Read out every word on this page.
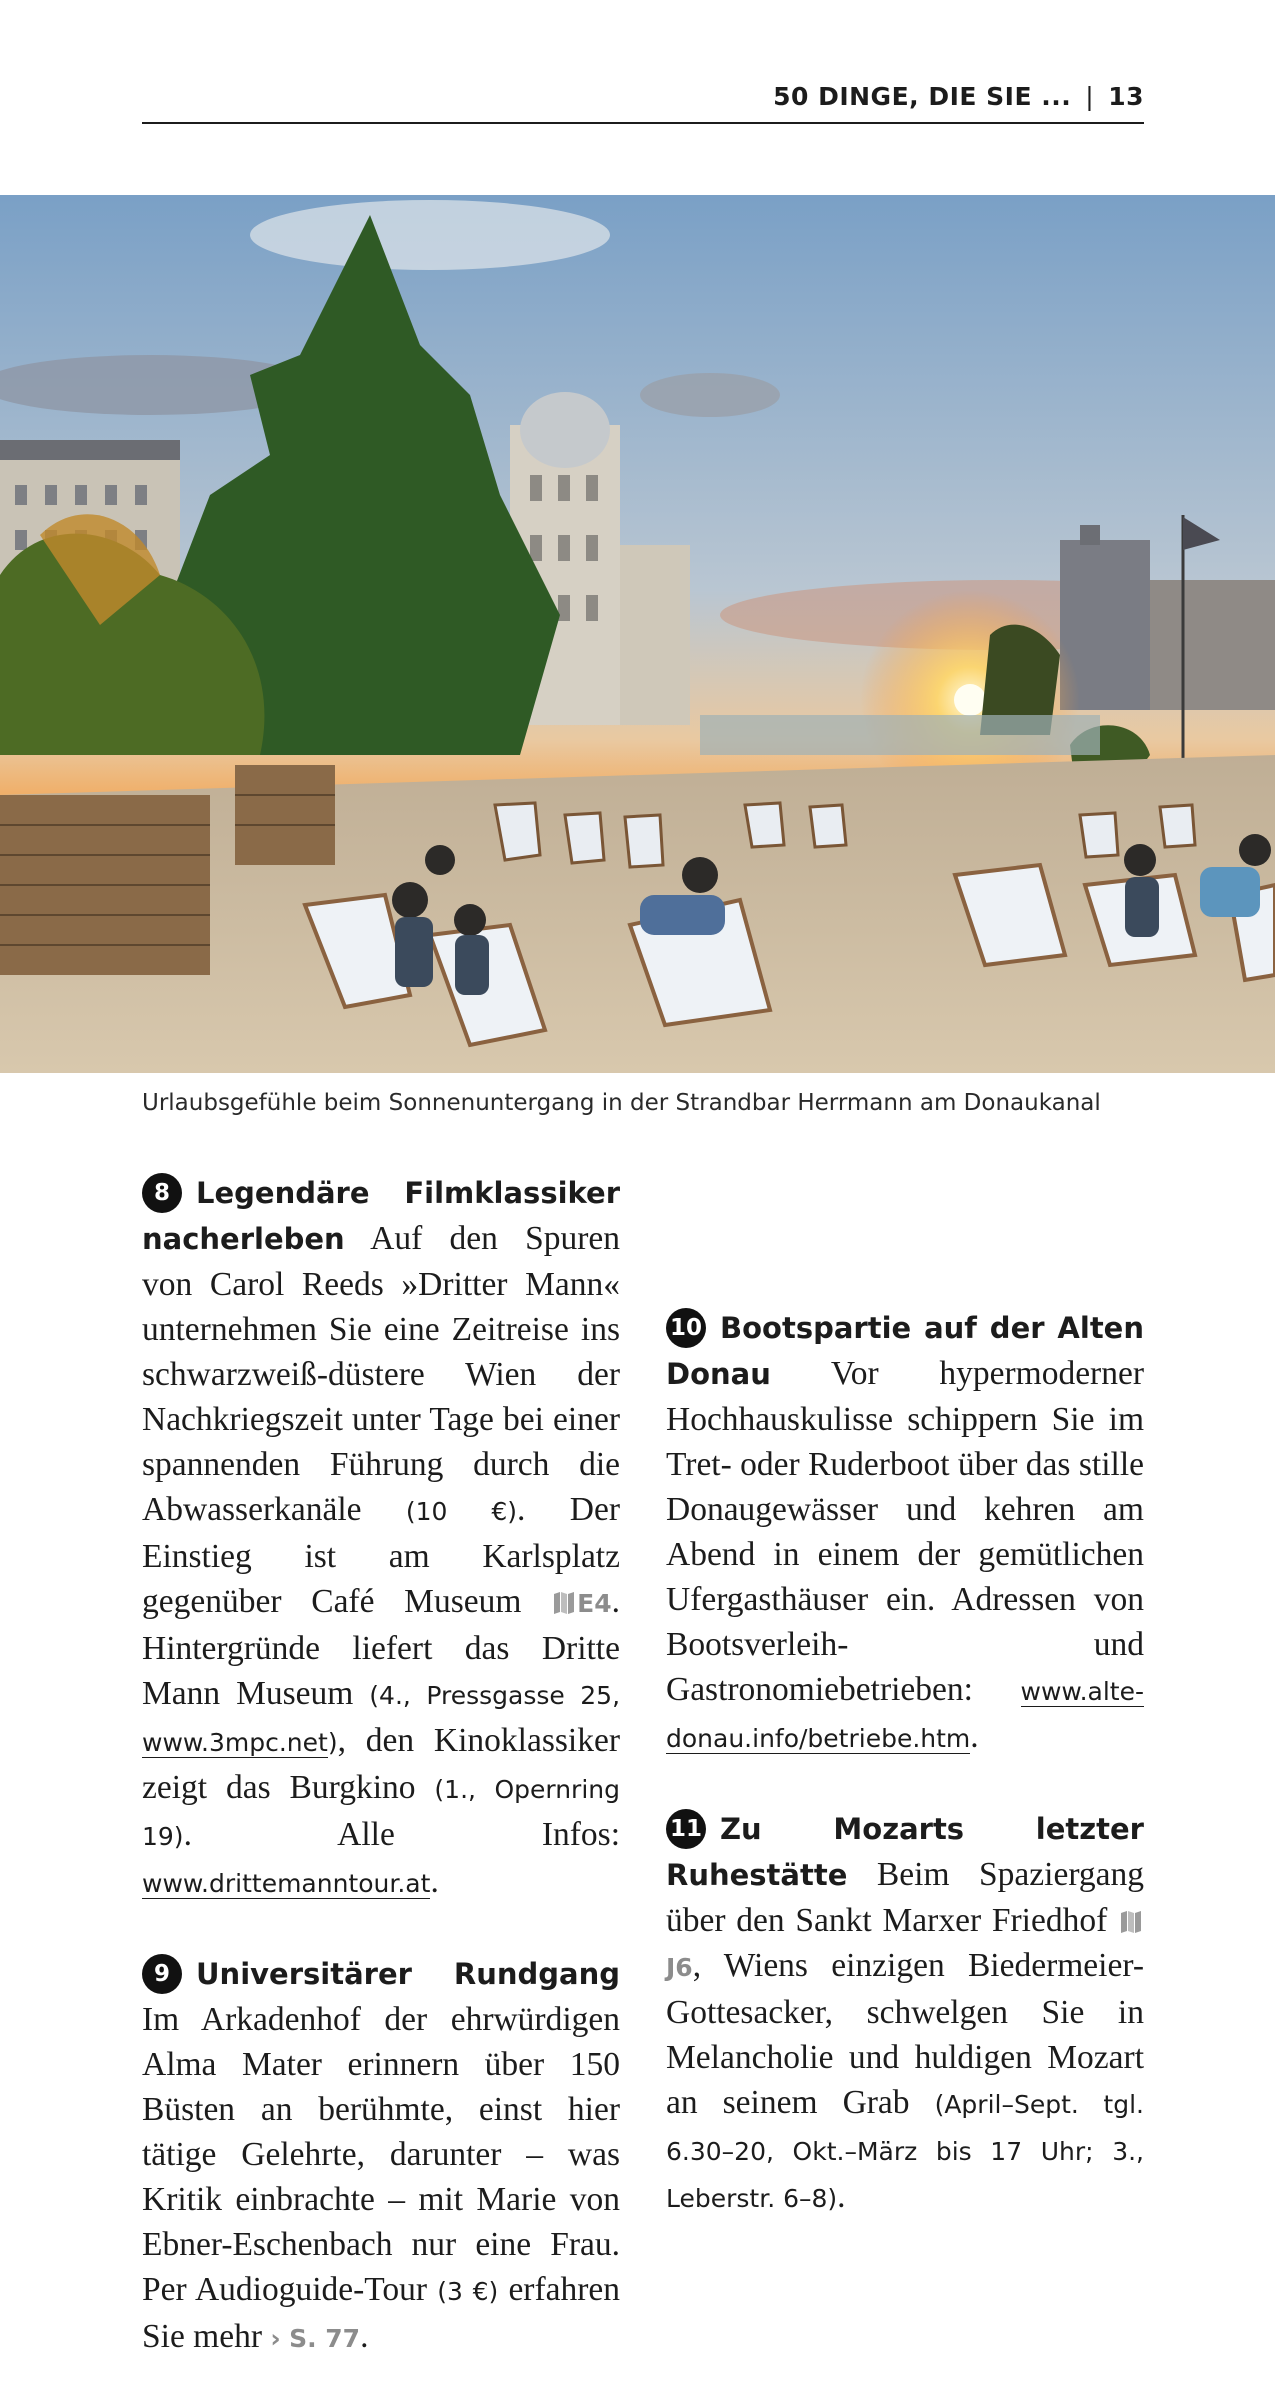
50 DINGE, DIE SIE ... | 13
Urlaubsgefühle beim Sonnenuntergang in der Strandbar Herrmann am Donaukanal

8 Legendäre Filmklassiker nacherleben Auf den Spuren von Carol Reeds »Dritter Mann« unternehmen Sie eine Zeitreise ins schwarzweiß-düstere Wien der Nachkriegszeit unter Tage bei einer spannenden Führung durch die Abwasserkanäle (10 €). Der Einstieg ist am Karlsplatz gegenüber Café Museum E4. Hintergründe liefert das Dritte Mann Museum (4., Pressgasse 25, www.3mpc.net), den Kinoklassiker zeigt das Burgkino (1., Opernring 19). Alle Infos: www.drittemanntour.at.

9 Universitärer Rundgang Im Arkadenhof der ehrwürdigen Alma Mater erinnern über 150 Büsten an berühmte, einst hier tätige Gelehrte, darunter – was Kritik einbrachte – mit Marie von Ebner-Eschenbach nur eine Frau. Per Audioguide-Tour (3 €) erfahren Sie mehr › S. 77.

10 Bootspartie auf der Alten Donau Vor hypermoderner Hochhauskulisse schippern Sie im Tret- oder Ruderboot über das stille Donaugewässer und kehren am Abend in einem der gemütlichen Ufergasthäuser ein. Adressen von Bootsverleih- und Gastronomiebetrieben: www.alte-donau.info/betriebe.htm.

11 Zu Mozarts letzter Ruhestätte Beim Spaziergang über den Sankt Marxer Friedhof J6, Wiens einzigen Biedermeier-Gottesacker, schwelgen Sie in Melancholie und huldigen Mozart an seinem Grab (April–Sept. tgl. 6.30–20, Okt.–März bis 17 Uhr; 3., Leberstr. 6–8).
